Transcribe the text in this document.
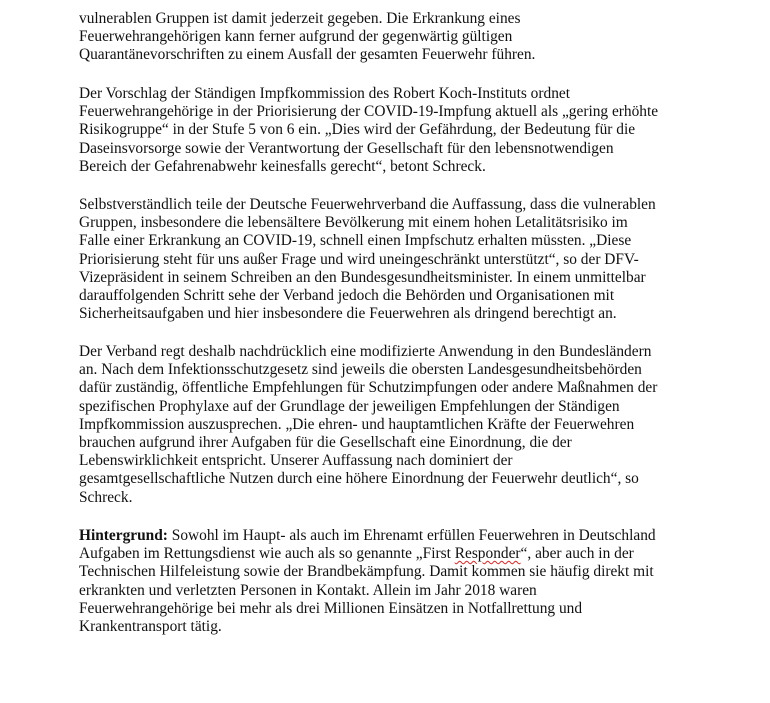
vulnerablen Gruppen ist damit jederzeit gegeben. Die Erkrankung eines
Feuerwehrangehörigen kann ferner aufgrund der gegenwärtig gültigen
Quarantänevorschriften zu einem Ausfall der gesamten Feuerwehr führen.
Der Vorschlag der Ständigen Impfkommission des Robert Koch-Instituts ordnet
Feuerwehrangehörige in der Priorisierung der COVID-19-Impfung aktuell als „gering erhöhte
Risikogruppe“ in der Stufe 5 von 6 ein. „Dies wird der Gefährdung, der Bedeutung für die
Daseinsvorsorge sowie der Verantwortung der Gesellschaft für den lebensnotwendigen
Bereich der Gefahrenabwehr keinesfalls gerecht“, betont Schreck.
Selbstverständlich teile der Deutsche Feuerwehrverband die Auffassung, dass die vulnerablen
Gruppen, insbesondere die lebensältere Bevölkerung mit einem hohen Letalitätsrisiko im
Falle einer Erkrankung an COVID-19, schnell einen Impfschutz erhalten müssten. „Diese
Priorisierung steht für uns außer Frage und wird uneingeschränkt unterstützt“, so der DFV-
Vizepräsident in seinem Schreiben an den Bundesgesundheitsminister. In einem unmittelbar
darauffolgenden Schritt sehe der Verband jedoch die Behörden und Organisationen mit
Sicherheitsaufgaben und hier insbesondere die Feuerwehren als dringend berechtigt an.
Der Verband regt deshalb nachdrücklich eine modifizierte Anwendung in den Bundesländern
an. Nach dem Infektionsschutzgesetz sind jeweils die obersten Landesgesundheitsbehörden
dafür zuständig, öffentliche Empfehlungen für Schutzimpfungen oder andere Maßnahmen der
spezifischen Prophylaxe auf der Grundlage der jeweiligen Empfehlungen der Ständigen
Impfkommission auszusprechen. „Die ehren- und hauptamtlichen Kräfte der Feuerwehren
brauchen aufgrund ihrer Aufgaben für die Gesellschaft eine Einordnung, die der
Lebenswirklichkeit entspricht. Unserer Auffassung nach dominiert der
gesamtgesellschaftliche Nutzen durch eine höhere Einordnung der Feuerwehr deutlich“, so
Schreck.
Hintergrund: Sowohl im Haupt- als auch im Ehrenamt erfüllen Feuerwehren in Deutschland
Aufgaben im Rettungsdienst wie auch als so genannte „First Responder“, aber auch in der
Technischen Hilfeleistung sowie der Brandbekämpfung. Damit kommen sie häufig direkt mit
erkrankten und verletzten Personen in Kontakt. Allein im Jahr 2018 waren
Feuerwehrangehörige bei mehr als drei Millionen Einsätzen in Notfallrettung und
Krankentransport tätig.
